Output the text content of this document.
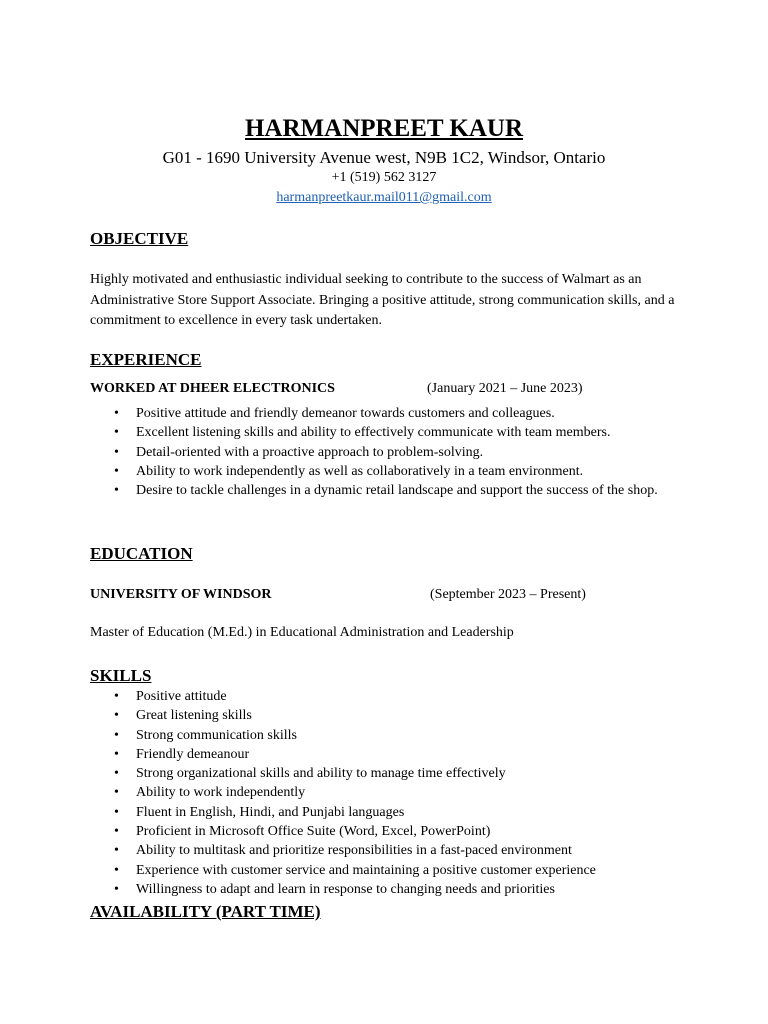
HARMANPREET KAUR
G01 - 1690 University Avenue west, N9B 1C2, Windsor, Ontario
+1 (519) 562 3127
harmanpreetkaur.mail011@gmail.com
OBJECTIVE
Highly motivated and enthusiastic individual seeking to contribute to the success of Walmart as an Administrative Store Support Associate. Bringing a positive attitude, strong communication skills, and a commitment to excellence in every task undertaken.
EXPERIENCE
WORKED AT DHEER ELECTRONICS	(January 2021 – June 2023)
• Positive attitude and friendly demeanor towards customers and colleagues.
• Excellent listening skills and ability to effectively communicate with team members.
• Detail-oriented with a proactive approach to problem-solving.
• Ability to work independently as well as collaboratively in a team environment.
• Desire to tackle challenges in a dynamic retail landscape and support the success of the shop.
EDUCATION
UNIVERSITY OF WINDSOR	(September 2023 – Present)
Master of Education (M.Ed.) in Educational Administration and Leadership
SKILLS
• Positive attitude
• Great listening skills
• Strong communication skills
• Friendly demeanour
• Strong organizational skills and ability to manage time effectively
• Ability to work independently
• Fluent in English, Hindi, and Punjabi languages
• Proficient in Microsoft Office Suite (Word, Excel, PowerPoint)
• Ability to multitask and prioritize responsibilities in a fast-paced environment
• Experience with customer service and maintaining a positive customer experience
• Willingness to adapt and learn in response to changing needs and priorities
AVAILABILITY (PART TIME)
